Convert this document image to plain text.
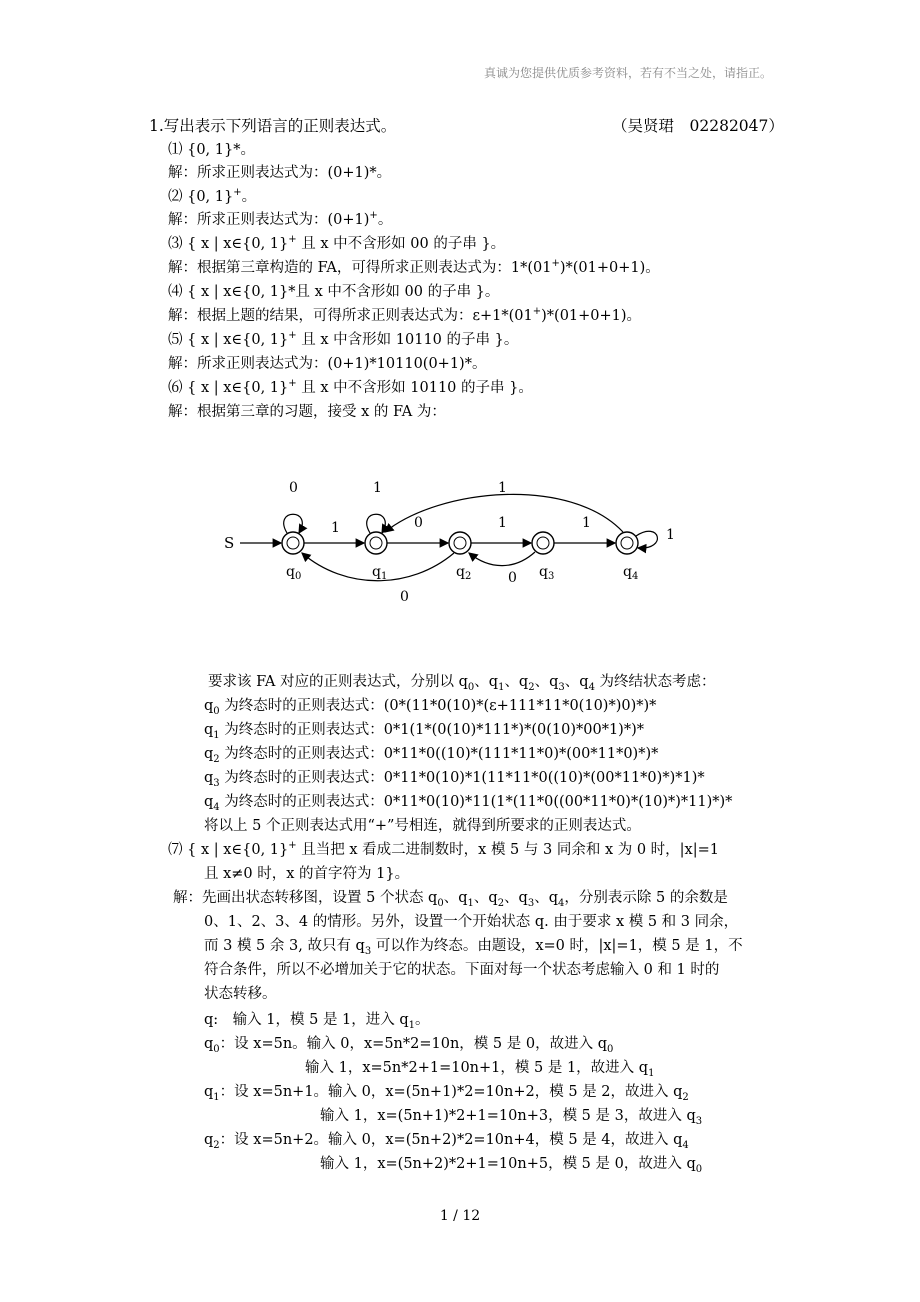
真诚为您提供优质参考资料，若有不当之处，请指正。
1.写出表示下列语言的正则表达式。	（吴贤珺　02282047）
⑴ {0, 1}*。
解：所求正则表达式为：(0+1)*。
⑵ {0, 1}+。
解：所求正则表达式为：(0+1)+。
⑶ { x | x∈{0, 1}+ 且 x 中不含形如 00 的子串 }。
解：根据第三章构造的 FA，可得所求正则表达式为：1*(01+)*(01+0+1)。
⑷ { x | x∈{0, 1}*且 x 中不含形如 00 的子串 }。
解：根据上题的结果，可得所求正则表达式为：ε+1*(01+)*(01+0+1)。
⑸ { x | x∈{0, 1}+ 且 x 中含形如 10110 的子串 }。
解：所求正则表达式为：(0+1)*10110(0+1)*。
⑹ { x | x∈{0, 1}+ 且 x 中不含形如 10110 的子串 }。
解：根据第三章的习题，接受 x 的 FA 为：
S
$q_0$	$q_1$	$q_2$	$q_3$	$q_4$
0
1
1
0	1	1
1
1
0
0
要求该 FA 对应的正则表达式，分别以 $q_0$、$q_1$、$q_2$、$q_3$、$q_4$ 为终结状态考虑：
$q_0$ 为终态时的正则表达式：(0*(11*0(10)*(ε+111*11*0(10)*)0)*)*
$q_1$ 为终态时的正则表达式：0*1(1*(0(10)*111*)*(0(10)*00*1)*)*
$q_2$ 为终态时的正则表达式：0*11*0((10)*(111*11*0)*(00*11*0)*)*
$q_3$ 为终态时的正则表达式：0*11*0(10)*1(11*11*0((10)*(00*11*0)*)*1)*
$q_4$ 为终态时的正则表达式：0*11*0(10)*11(1*(11*0((00*11*0)*(10)*)*11)*)*
将以上 5 个正则表达式用“+”号相连，就得到所要求的正则表达式。
⑺ { x | x∈{0, 1}+ 且当把 x 看成二进制数时，x 模 5 与 3 同余和 x 为 0 时，|x|=1
且 x≠0 时，x 的首字符为 1}。
解：先画出状态转移图，设置 5 个状态 $q_0$、$q_1$、$q_2$、$q_3$、$q_4$，分别表示除 5 的余数是
0、1、2、3、4 的情形。另外，设置一个开始状态 q. 由于要求 x 模 5 和 3 同余，
而 3 模 5 余 3, 故只有 $q_3$ 可以作为终态。由题设，x=0 时，|x|=1，模 5 是 1，不
符合条件，所以不必增加关于它的状态。下面对每一个状态考虑输入 0 和 1 时的
状态转移。
q:　输入 1，模 5 是 1，进入 $q_1$。
$q_0$：设 x=5n。输入 0，x=5n*2=10n，模 5 是 0，故进入 $q_0$
输入 1，x=5n*2+1=10n+1，模 5 是 1，故进入 $q_1$
$q_1$：设 x=5n+1。输入 0，x=(5n+1)*2=10n+2，模 5 是 2，故进入 $q_2$
输入 1，x=(5n+1)*2+1=10n+3，模 5 是 3，故进入 $q_3$
$q_2$：设 x=5n+2。输入 0，x=(5n+2)*2=10n+4，模 5 是 4，故进入 $q_4$
输入 1，x=(5n+2)*2+1=10n+5，模 5 是 0，故进入 $q_0$
1 / 12
